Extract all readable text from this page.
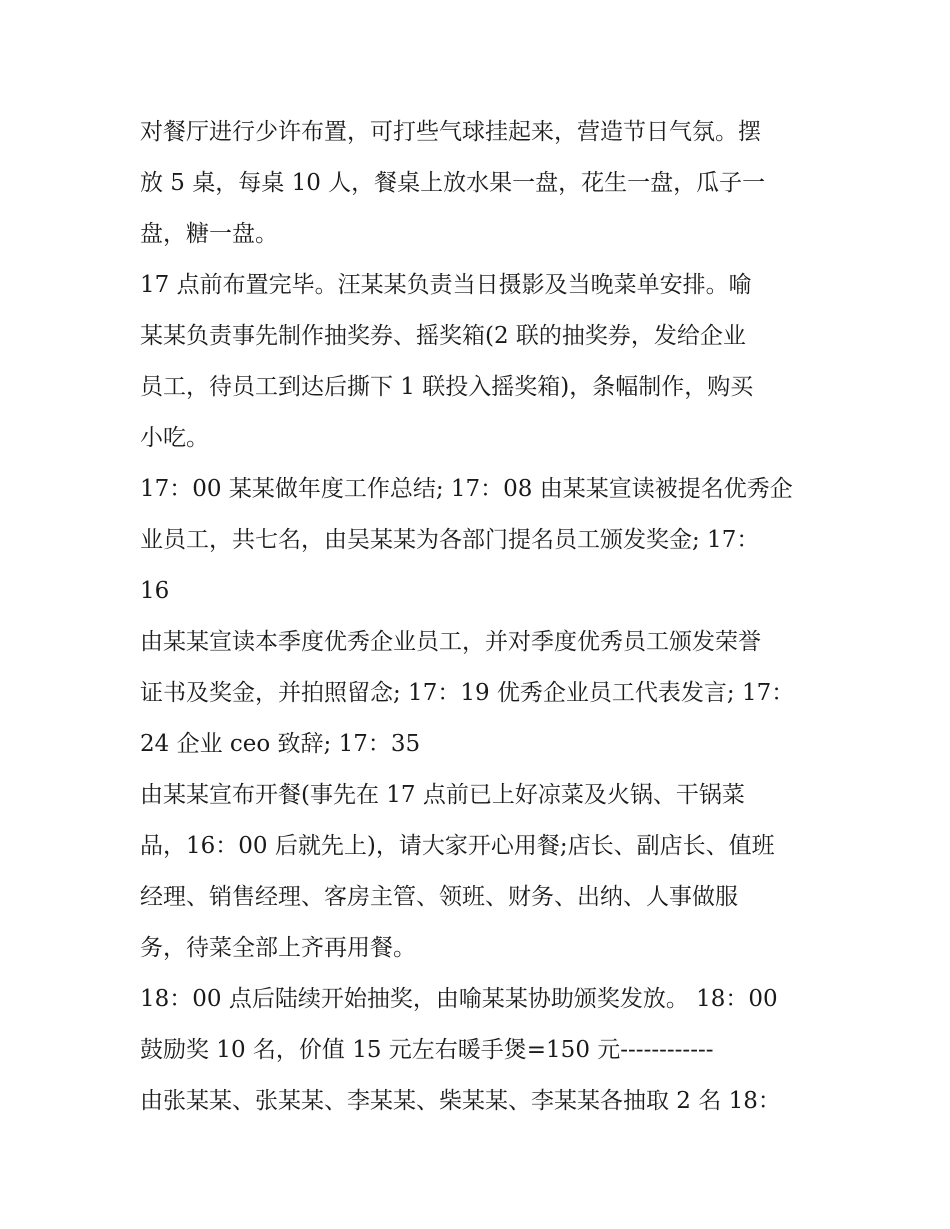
对餐厅进行少许布置，可打些气球挂起来，营造节日气氛。摆
放 5 桌，每桌 10 人，餐桌上放水果一盘，花生一盘，瓜子一
盘，糖一盘。
17 点前布置完毕。汪某某负责当日摄影及当晚菜单安排。喻
某某负责事先制作抽奖券、摇奖箱(2 联的抽奖券，发给企业
员工，待员工到达后撕下 1 联投入摇奖箱)，条幅制作，购买
小吃。
17：00 某某做年度工作总结; 17：08 由某某宣读被提名优秀企
业员工，共七名，由吴某某为各部门提名员工颁发奖金; 17：
16
由某某宣读本季度优秀企业员工，并对季度优秀员工颁发荣誉
证书及奖金，并拍照留念; 17：19 优秀企业员工代表发言; 17：
24 企业 ceo 致辞; 17：35
由某某宣布开餐(事先在 17 点前已上好凉菜及火锅、干锅菜
品，16：00 后就先上)，请大家开心用餐;店长、副店长、值班
经理、销售经理、客房主管、领班、财务、出纳、人事做服
务，待菜全部上齐再用餐。
18：00 点后陆续开始抽奖，由喻某某协助颁奖发放。 18：00
鼓励奖 10 名，价值 15 元左右暖手煲=150 元------------
由张某某、张某某、李某某、柴某某、李某某各抽取 2 名 18：
